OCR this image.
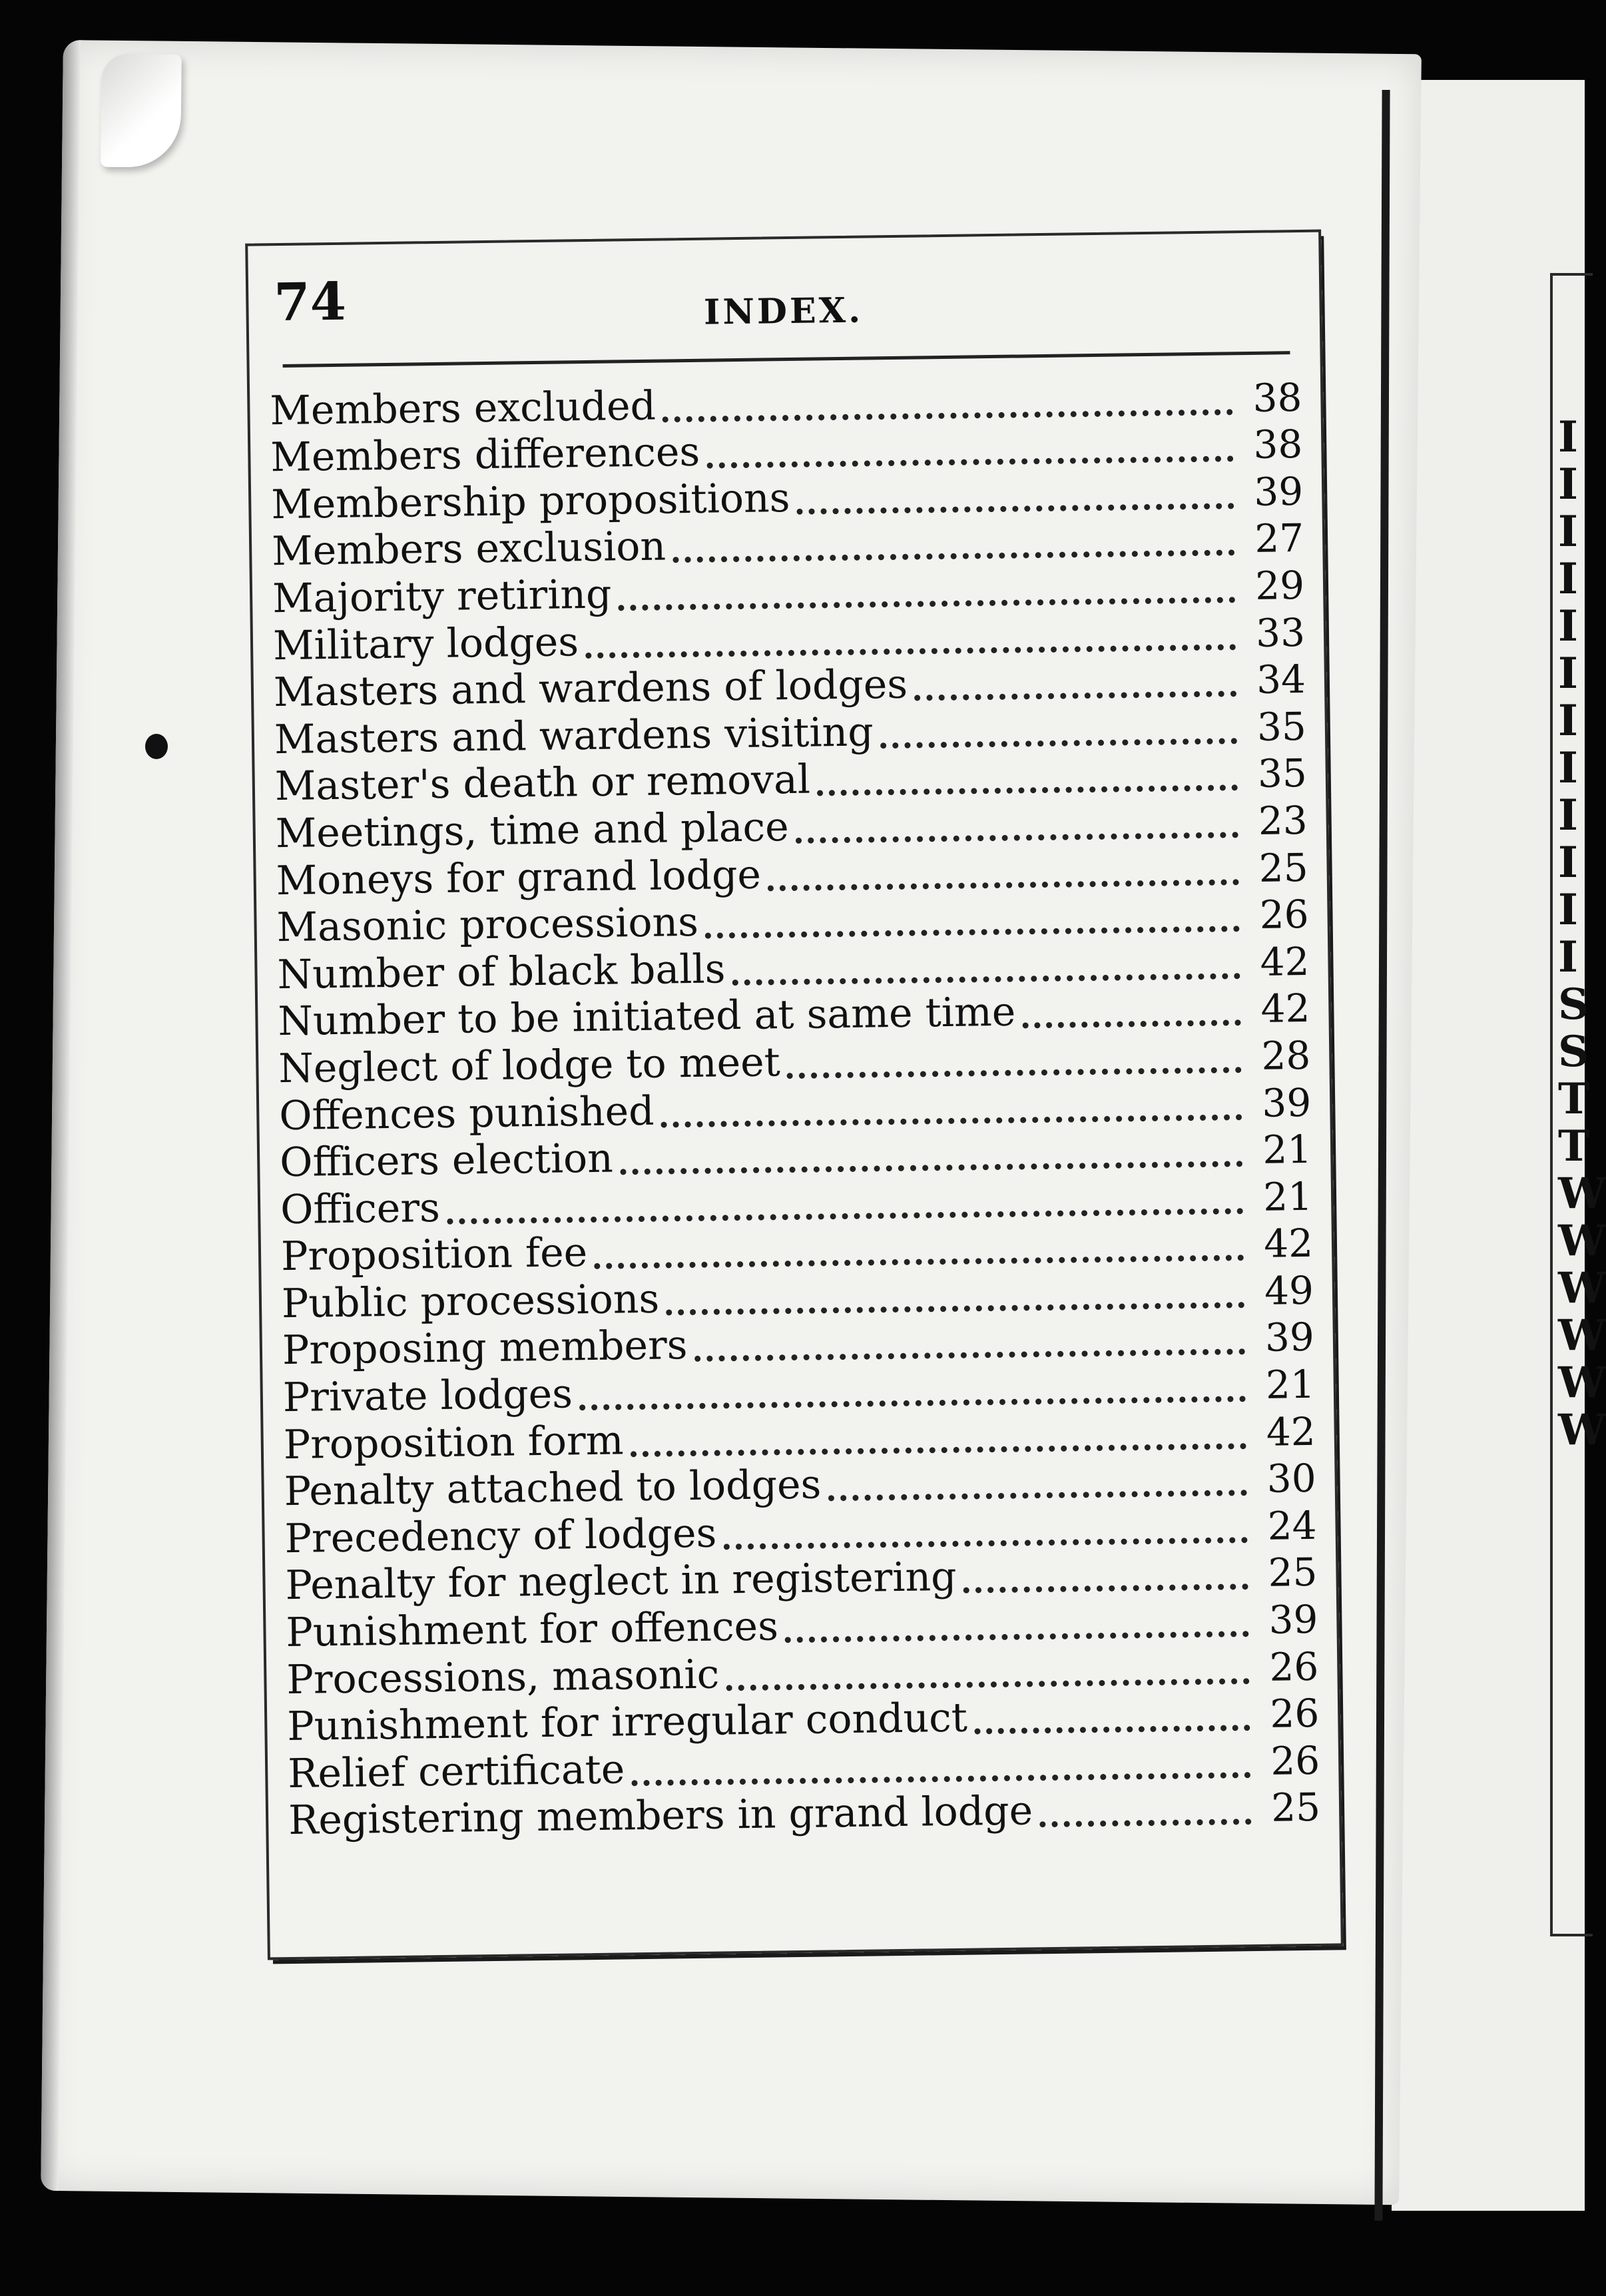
I
I
I
I
I
I
I
I
I
I
I
I
S
S
T
T
W
W
W
W
W
W
74	INDEX.
Members excluded	38
Members differences	38
Membership propositions	39
Members exclusion	27
Majority retiring	29
Military lodges	33
Masters and wardens of lodges	34
Masters and wardens visiting	35
Master's death or removal	35
Meetings, time and place	23
Moneys for grand lodge	25
Masonic processions	26
Number of black balls	42
Number to be initiated at same time	42
Neglect of lodge to meet	28
Offences punished	39
Officers election	21
Officers	21
Proposition fee	42
Public processions	49
Proposing members	39
Private lodges	21
Proposition form	42
Penalty attached to lodges	30
Precedency of lodges	24
Penalty for neglect in registering	25
Punishment for offences	39
Processions, masonic	26
Punishment for irregular conduct	26
Relief certificate	26
Registering members in grand lodge	25
